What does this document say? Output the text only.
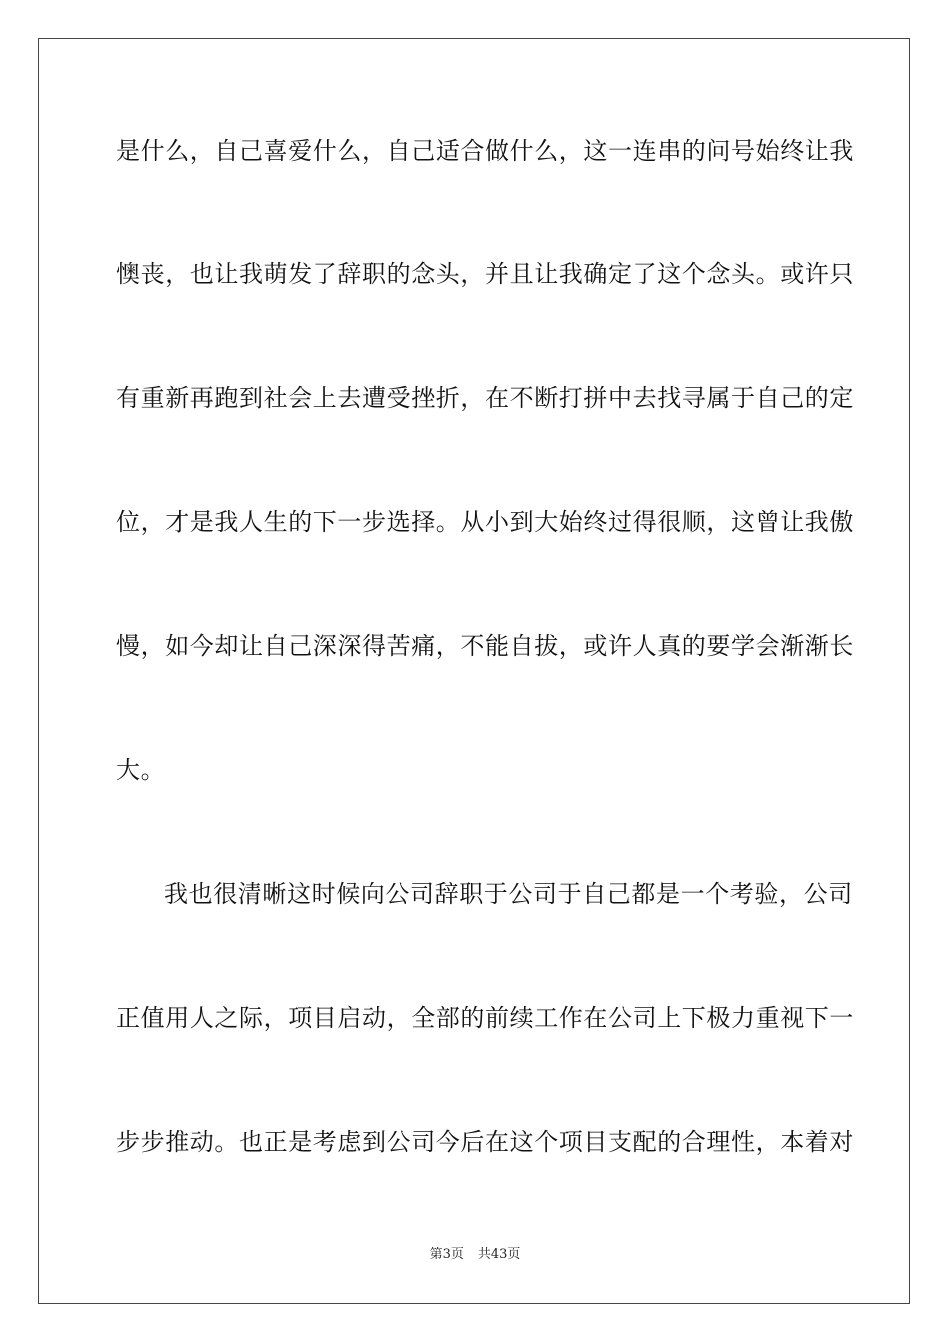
是什么，自己喜爱什么，自己适合做什么，这一连串的问号始终让我
懊丧，也让我萌发了辞职的念头，并且让我确定了这个念头。或许只
有重新再跑到社会上去遭受挫折，在不断打拼中去找寻属于自己的定
位，才是我人生的下一步选择。从小到大始终过得很顺，这曾让我傲
慢，如今却让自己深深得苦痛，不能自拔，或许人真的要学会渐渐长
大。
我也很清晰这时候向公司辞职于公司于自己都是一个考验，公司
正值用人之际，项目启动，全部的前续工作在公司上下极力重视下一
步步推动。也正是考虑到公司今后在这个项目支配的合理性，本着对
第3页 共43页
